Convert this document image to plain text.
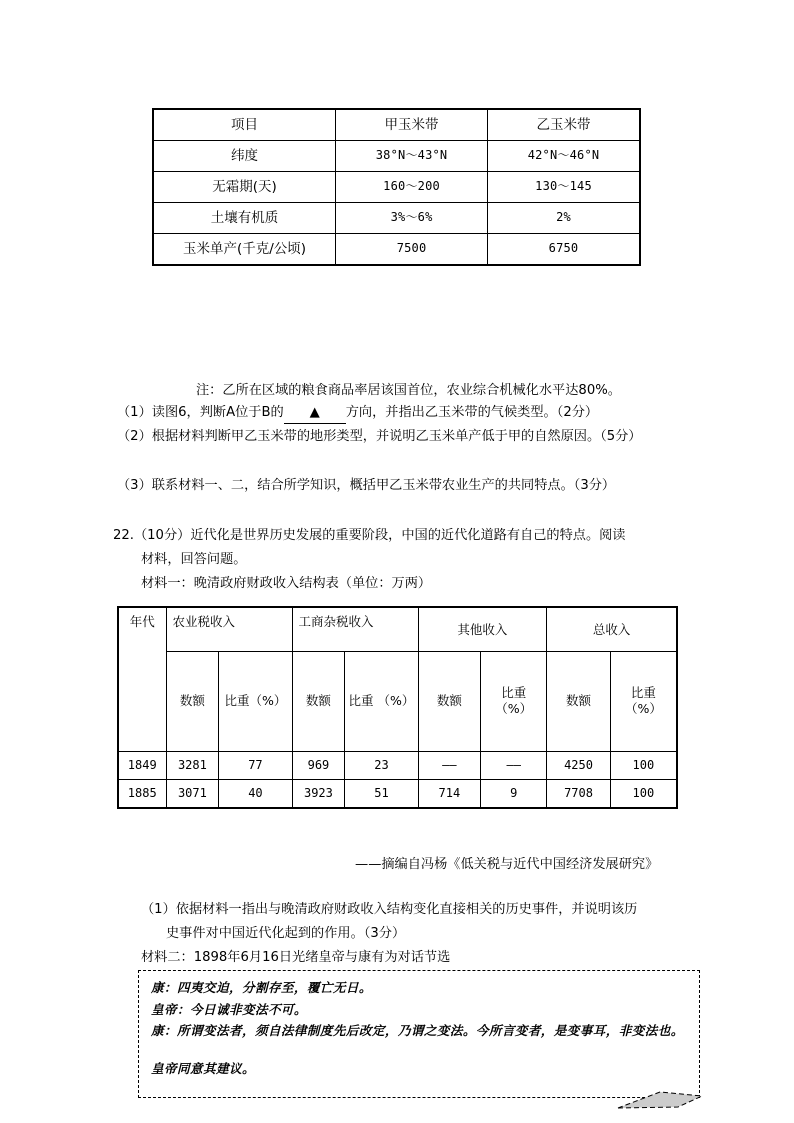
项目	甲玉米带	乙玉米带
纬度	38°N～43°N	42°N～46°N
无霜期(天)	160～200	130～145
土壤有机质	3%～6%	2%
玉米单产(千克/公顷)	7500	6750
注：乙所在区域的粮食商品率居该国首位，农业综合机械化水平达80%。
（1）读图6，判断A位于B的 ▲ 方向，并指出乙玉米带的气候类型。（2分）
（2）根据材料判断甲乙玉米带的地形类型，并说明乙玉米单产低于甲的自然原因。（5分）
（3）联系材料一、二，结合所学知识，概括甲乙玉米带农业生产的共同特点。（3分）
22.（10分）近代化是世界历史发展的重要阶段，中国的近代化道路有自己的特点。阅读
材料，回答问题。
材料一：晚清政府财政收入结构表（单位：万两）
年代	农业税收入		工商杂税收入		其他收入		总收入	
	数额	比重（%）	数额	比重 （%）	数额	比重 （%）	数额	比重 （%）
1849	3281	77	969	23	——	——	4250	100
1885	3071	40	3923	51	714	9	7708	100
——摘编自冯杨《低关税与近代中国经济发展研究》
（1）依据材料一指出与晚清政府财政收入结构变化直接相关的历史事件，并说明该历
史事件对中国近代化起到的作用。（3分）
材料二：1898年6月16日光绪皇帝与康有为对话节选
康：四夷交迫，分割存至，覆亡无日。
皇帝：今日诚非变法不可。
康：所谓变法者，须自法律制度先后改定，乃谓之变法。今所言变者，是变事耳，非变法也。
皇帝同意其建议。
